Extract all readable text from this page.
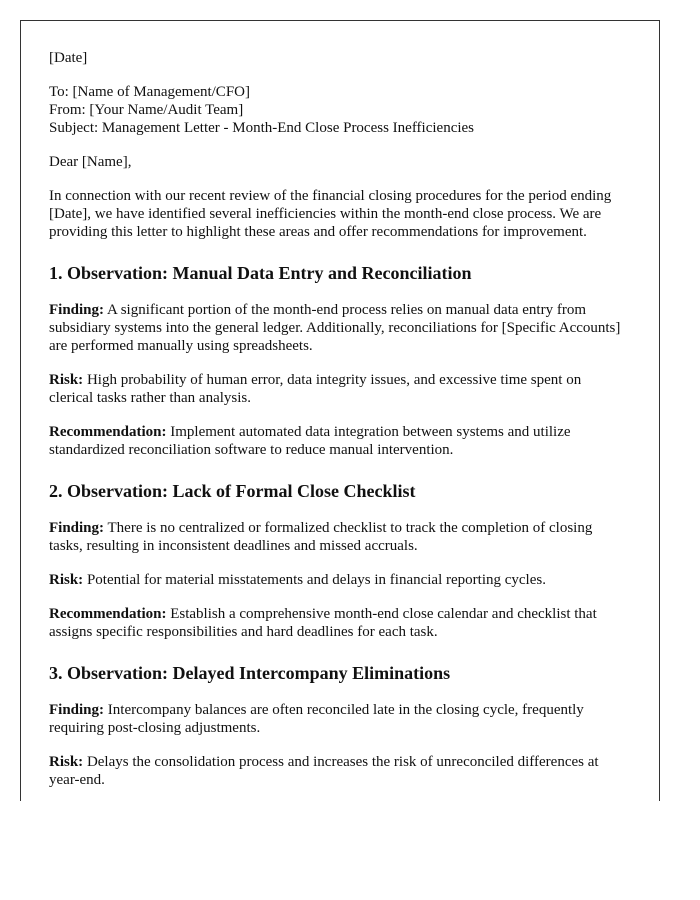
[Date]

To: [Name of Management/CFO]

From: [Your Name/Audit Team]

Subject: Management Letter - Month-End Close Process Inefficiencies

Dear [Name],

In connection with our recent review of the financial closing procedures for the period ending [Date], we have identified several inefficiencies within the month-end close process. We are providing this letter to highlight these areas and offer recommendations for improvement.

1. Observation: Manual Data Entry and Reconciliation

Finding: A significant portion of the month-end process relies on manual data entry from subsidiary systems into the general ledger. Additionally, reconciliations for [Specific Accounts] are performed manually using spreadsheets.

Risk: High probability of human error, data integrity issues, and excessive time spent on clerical tasks rather than analysis.

Recommendation: Implement automated data integration between systems and utilize standardized reconciliation software to reduce manual intervention.

2. Observation: Lack of Formal Close Checklist

Finding: There is no centralized or formalized checklist to track the completion of closing tasks, resulting in inconsistent deadlines and missed accruals.

Risk: Potential for material misstatements and delays in financial reporting cycles.

Recommendation: Establish a comprehensive month-end close calendar and checklist that assigns specific responsibilities and hard deadlines for each task.

3. Observation: Delayed Intercompany Eliminations

Finding: Intercompany balances are often reconciled late in the closing cycle, frequently requiring post-closing adjustments.

Risk: Delays the consolidation process and increases the risk of unreconciled differences at year-end.
